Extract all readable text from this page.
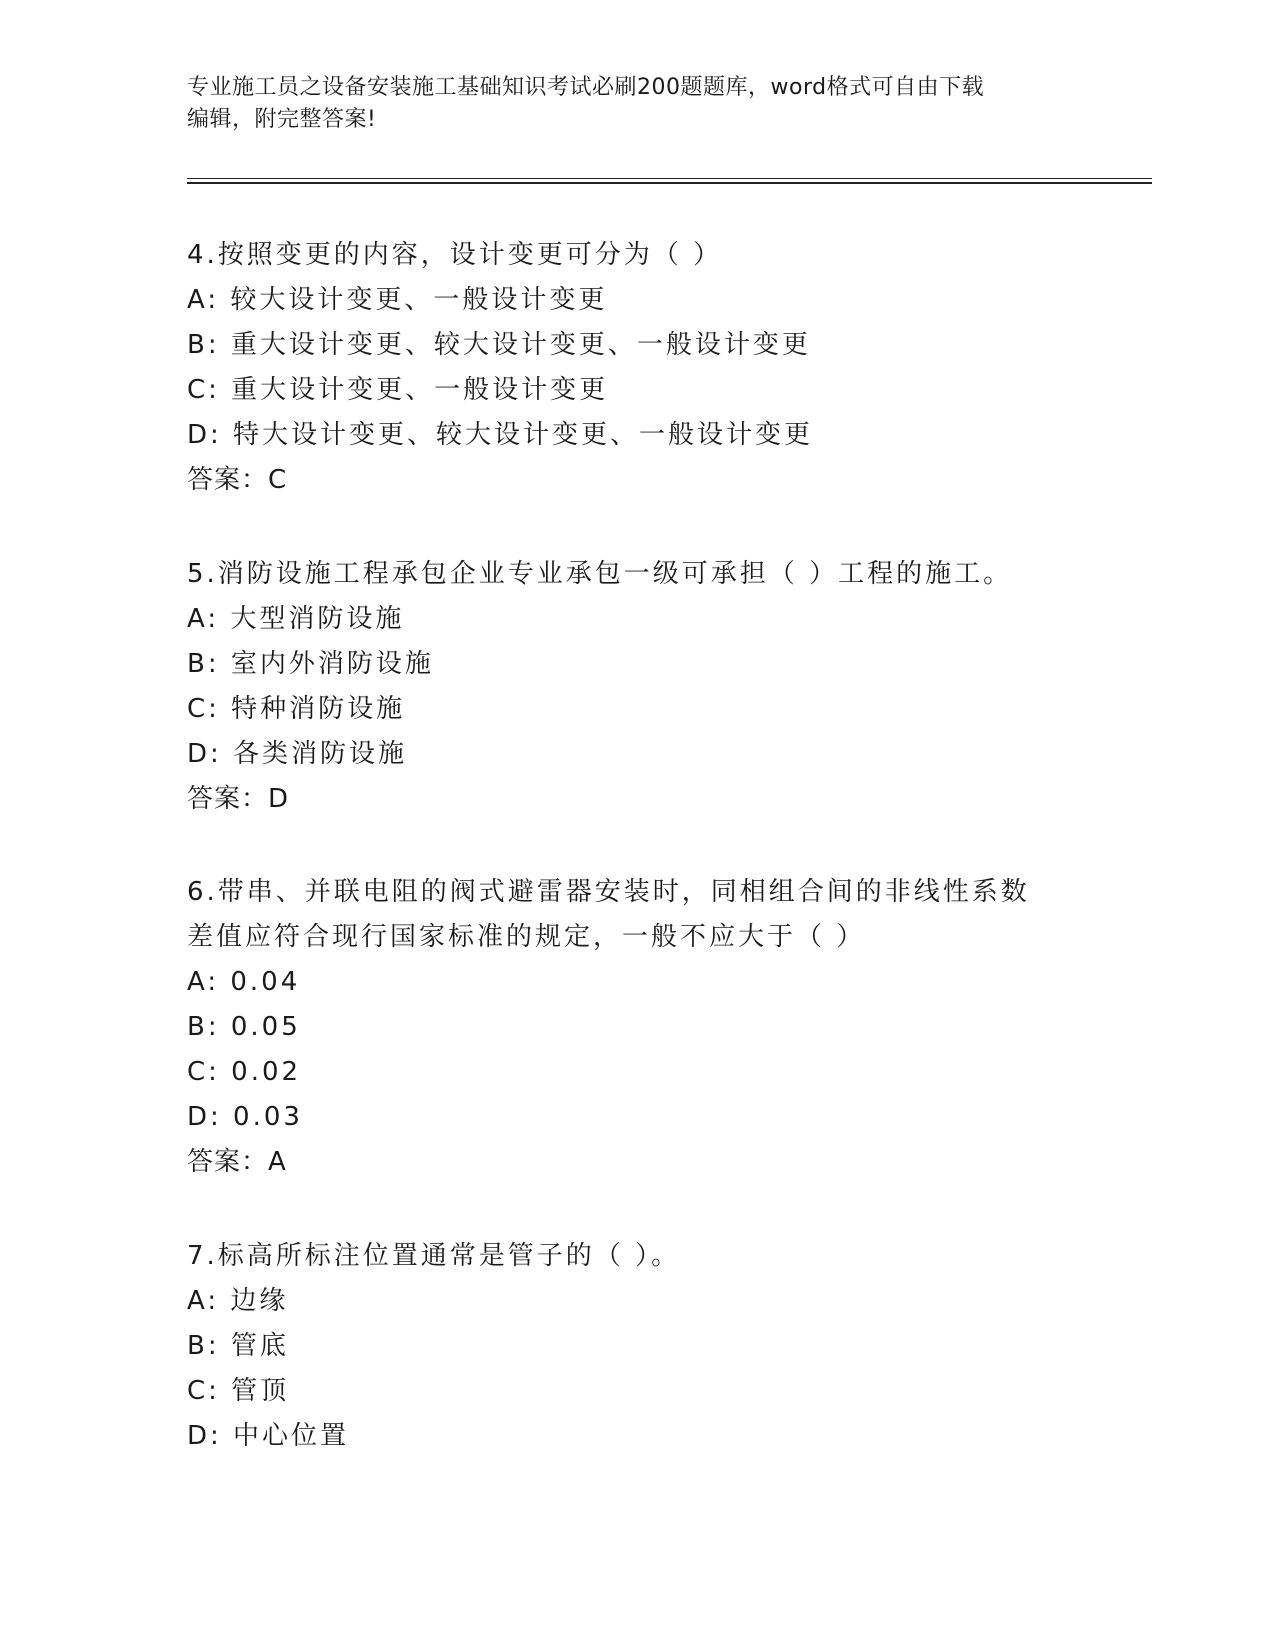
专业施工员之设备安装施工基础知识考试必刷200题题库，word格式可自由下载
编辑，附完整答案!
4.按照变更的内容，设计变更可分为（ ）
A: 较大设计变更、一般设计变更
B: 重大设计变更、较大设计变更、一般设计变更
C: 重大设计变更、一般设计变更
D: 特大设计变更、较大设计变更、一般设计变更
答案：C
5.消防设施工程承包企业专业承包一级可承担（ ）工程的施工。
A: 大型消防设施
B: 室内外消防设施
C: 特种消防设施
D: 各类消防设施
答案：D
6.带串、并联电阻的阀式避雷器安装时，同相组合间的非线性系数差值应符合现行国家标准的规定，一般不应大于（ ）
A: 0.04
B: 0.05
C: 0.02
D: 0.03
答案：A
7.标高所标注位置通常是管子的（ ）。
A: 边缘
B: 管底
C: 管顶
D: 中心位置
